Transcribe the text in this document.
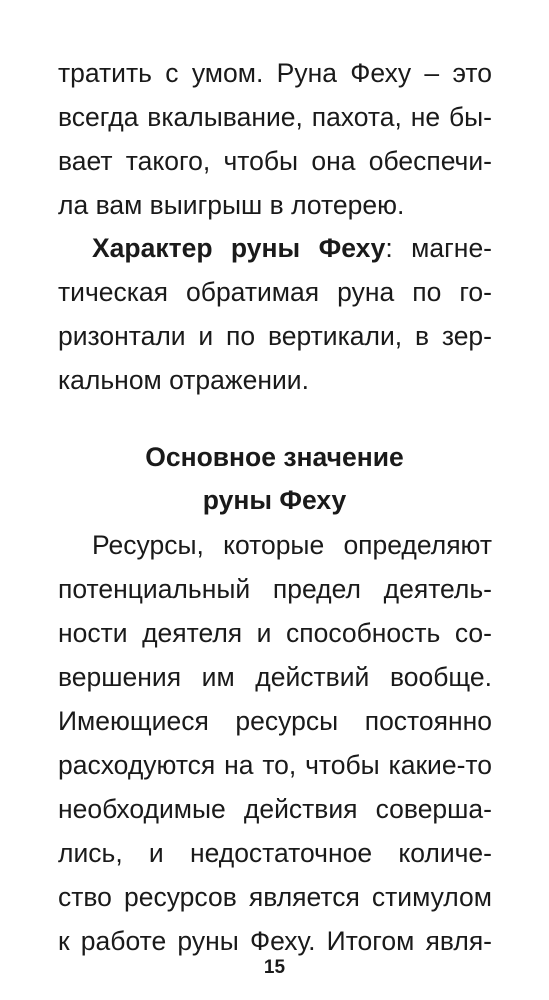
тратить с умом. Руна Феху – это
всегда вкалывание, пахота, не бы-
вает такого, чтобы она обеспечи-
ла вам выигрыш в лотерею.
Характер руны Феху: магне-
тическая обратимая руна по го-
ризонтали и по вертикали, в зер-
кальном отражении.
Основное значение
руны Феху
Ресурсы, которые определяют
потенциальный предел деятель-
ности деятеля и способность со-
вершения им действий вообще.
Имеющиеся ресурсы постоянно
расходуются на то, чтобы какие-то
необходимые действия соверша-
лись, и недостаточное количе-
ство ресурсов является стимулом
к работе руны Феху. Итогом явля-
15
